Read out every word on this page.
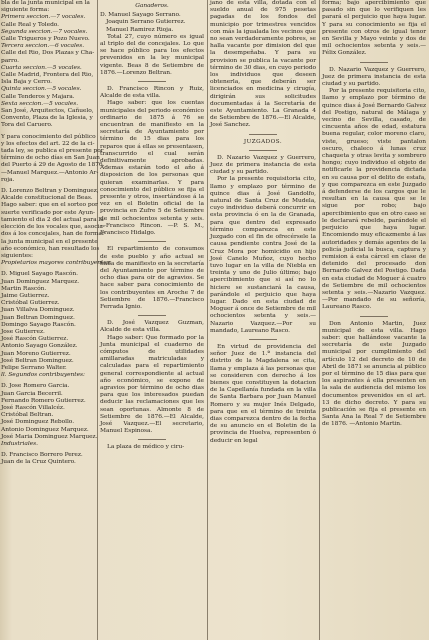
bla de la junta municipal en la

siguiente forma:

Primera seccion.—7 vocales.

Calle Real y Toledo.

Segunda seccion.—7 vocales.

Calle Trigueros y Pozo Nuevo.

Tercera seccion.—6 vocales.

Calle del Rio, Dos Plazas y Cha-

parro.

Cuarta seccion.—5 vocales.

Calle Madrid, Frontera del Rio,

Isla Baja y Cerro.

Quinta seccion.—5 vocales.

Calle Tenderos y Majara.

Sexta seccion.—5 vocales.

San José, Arquitectos, Cañuelo,

Convento, Plaza de la Iglesia, y

Tora del Caruero.

Y para conocimiento del público

y los efectos del art. 22 de la ci-

tada ley, se publica el presente por

término de ocho días en San Juan

del Puerto á 29 de Agosto de 1876.

—Manuel Marquez.—Antonio Ar-

roja.

D. Lorenzo Beltran y Dominguez,

Alcalde constitucional de Beas.

Hago saber: que en el sorteo por

suerte verificado por este Ayun-

tamiento el dia 2 del actual para la

elección de los vocales que, asocia-

dos á los concejales, han de formar

la junta municipal en el presente

año económico, han resultado los

siguientes:

Propietarios mayores contribuyentes:

D. Miguel Sayago Rascón.

Juan Dominguez Marquez.

Martin Rascón.

Jaime Gutierrez.

Cristóbal Gutierrez.

Juan Villalva Dominguez.

Juan Beltran Dominguez.

Domingo Sayago Rascón.

Jose Gutierrez.

José Rascón Gutierrez.

Antonio Sayago González.

Juan Moreno Gutierrez.

José Beltran Dominguez.

Felipe Serrano Walter.

ll. Segundos contribuyentes:

D. Jose Romero Garcia.

Juan Garcia Becerril.

Fernando Romero Gutierrez.

José Rascón Villalcéz.

Cristóbal Beltran.

José Dominguez Rebollo.

Antonio Dominguez Marquez.

José Maria Dominguez Marquez.

Industriales.

D. Francisco Borrero Perez.

Juan de la Cruz Quintero.

Ganaderos.

D. Manuel Sayago Serrano.

Joaquin Serrano Gutierrez.

Manuel Ramirez Rioja.

Total 27, cuyo número es igual al triplo del de concejales. Lo que se hace público para los efectos prevenidos en la ley municipal vigente. Beas 8 de Setiembre de 1876.—Lorenzo Beltran.

D. Francisco Rincon y Ruiz, Alcalde de esta villa.

Hago saber: que los cuentas municipales del periodo económico ordinario de 1875 á 76 se encuentran de manifiesto en la secretaría de Ayuntamiento por término de 15 dias para los reparos que á ellas se presentasen, transcurrido el cual serán definitivamente aprobadas. Ademas estarán todo el año á disposicion de los personas que quieran examinarlas. Y para conocimiento del público se fija el presente y otros, insertándose á la vez en el Boletin oficial de la provincia en Zufre 5 de Setiembre de mil ochocientos setenta y seis.—Francisco Rincon. —P. S. M., Francisco Hidalgo.

El repartimiento de consumos de este pueblo y año actual se halla de manifiesto en la secretaría del Ayuntamiento por término de ocho dias para oir de agravios. Se hace saber para conocimiento de los contribuyentes en Aroche 7 de Setiembre de 1876.—Francisco Ferrada Ignio.

D. José Vazquez Guzman, Alcalde de esta villa.

Hago saber: Que formado por la Junta municipal el cuaderno de cómputos de utilidades amillaradas matriculadas y calculadas para el repartimiento general correspondiente al actual año económico, se expone de agravios por término de ocho dias para que los interesados puedan deducir las reclamaciones que les sean oportunas. Almonte 8 de Setiembre de 1876.—El Alcalde, José Vazquez.—El secretario, Manuel Espinosa.

La plaza de médico y ciru-

jano de esta villa, dotada con el sueldo anual de 975 pesetas pagadas de los fondos del municipio por trimestres vencidos con más la igualada los vecinos que no sean verdaderamente pobres, se halla vacante por dimision del que la desempeñaba. Y para su provision se publica la vacante por término de 30 dias, en cuyo periodo los individuos que deseen obtenerla, que deberán ser licenciados en medicina y cirugía, dirigirán sus solicitudes documentadas á la Secretaría de este Ayuntamiento. La Granada 4 de Setiembre de 1876.—El Alcalde, José Sanchez.

JUZGADOS.

D. Nazario Vazquez y Guerrero, Juez de primera instancia de esta ciudad y su partido.

Por la presente requisitoria cito, llamo y emplazo por término de quince dias á José Gandolfo, natural de Santa Cruz de Mudela, cuyo individuo deberá concurrir en esta provincia ó en la de Granada, para que dentro del expresado término comparezca en este Juzgado con el fin de ofrecérsele la causa pendiente contra José de la Cruz Mora por homicidio en hijo José Canelo Muñoz, cuyo hecho tuvo lugar en la villa de Niebla en treinta y uno de Julio último; bajo apercibimiento que si así no lo hiciere se sustanciará la causa, parándole el perjuicio que haya lugar. Dado en esta ciudad de Moguer á once de Setiembre de mil ochocientos setenta y seis.—Nazario Vazquez.—Por su mandado, Laureano Rasco.

En virtud de providencia del señor Juez de 1.ª instancia del distrito de la Magdalena se cita, llama y emplaza á las personas que se consideren con derecho á los bienes que constituyen la dotacion de la Capellanía fundada en la villa de Santa Barbara por Juan Manuel Romero y su mujer Inés Delgado, para que en el término de treinta dias comparezca dentro de la fecha de su anuncio en el Boletin de la provincia de Huelva, representen ó deducir en legal

forma; bajo apercibimiento que pasado sin que lo verifiquen les parará el perjuicio que haya lugar. Y para su conocimiento se fija el presente con otros de igual tenor en Sevilla y Mayo veinte y dos de mil ochocientos setenta y seis.—Félix González.

D. Nazario Vazquez y Guerrero, Juez de primera instancia de esta ciudad y su partido.

Por la presente requisitoria cito, llamo y emplazo por término de quince dias á José Bernardo Galvez del Postigo, natural de Málaga y vecino de Sevilla, casado, de cincuenta años de edad, estatura buena regular, color moreno claro, viste, grueso; viste pantalon oscuro, chaleco á lunas cruz chaqueta y otras levita y sombrero hongo; cuyo individuo el objeto de notificarle la providencia dictada en su causa por el delito de estafa, y que comparezca en este Juzgado á defenderse de los cargos que le resultan en la causa que se le sigue por robo; bajo apercibimiento que en otro caso se le declarará rebelde, parándole el perjuicio que haya lugar. Encomiendo muy eficazmente á las autoridades y demás agentes de la policía judicial la busca, captura y remision á esta cárcel en clase de detenido del procesado don Bernardo Galvez del Postigo. Dada en esta ciudad de Moguer á cuatro de Setiembre de mil ochocientos setenta y seis.—Nazario Vazquez.—Por mandado de su señoría, Laureano Rasco.

Don Antonio Martin, Juez municipal de esta villa. Hago saber: que hallándose vacante la secretaría de este Juzgado municipal por cumplimiento del artículo 12 del decreto de 10 de Abril de 1871 se anuncia al público por el término de 15 dias para que los aspirantes á ella presenten en la sala de audiencia del mismo los documentos prevenidos en el art. 13 de dicho decreto. Y para su publicación se fija el presente en Santa Ana la Real 7 de Setiembre de 1876. —Antonio Martin.
